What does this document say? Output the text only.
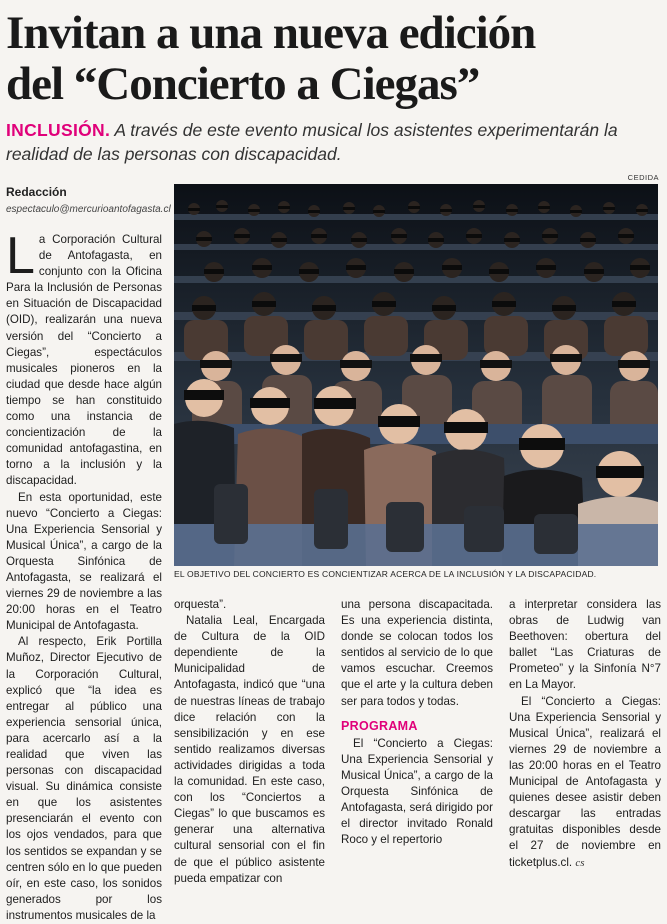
Invitan a una nueva edición
del “Concierto a Ciegas”
INCLUSIÓN. A través de este evento musical los asistentes experimentarán la realidad de las personas con discapacidad.
Redacción
espectaculo@mercurioantofagasta.cl
CEDIDA
EL OBJETIVO DEL CONCIERTO ES CONCIENTIZAR ACERCA DE LA INCLUSIÓN Y LA DISCAPACIDAD.

La Corporación Cultural de Antofagasta, en conjunto con la Oficina Para la Inclusión de Personas en Situación de Discapacidad (OID), realizarán una nueva versión del “Concierto a Ciegas”, espectáculos musicales pioneros en la ciudad que desde hace algún tiempo se han constituido como una instancia de concientización de la comunidad antofagastina, en torno a la inclusión y la discapacidad.

En esta oportunidad, este nuevo “Concierto a Ciegas: Una Experiencia Sensorial y Musical Única”, a cargo de la Orquesta Sinfónica de Antofagasta, se realizará el viernes 29 de noviembre a las 20:00 horas en el Teatro Municipal de Antofagasta.

Al respecto, Erik Portilla Muñoz, Director Ejecutivo de la Corporación Cultural, explicó que “la idea es entregar al público una experiencia sensorial única, para acercarlo así a la realidad que viven las personas con discapacidad visual. Su dinámica consiste en que los asistentes presenciarán el evento con los ojos vendados, para que los sentidos se expandan y se centren sólo en lo que pueden oír, en este caso, los sonidos generados por los instrumentos musicales de la

orquesta”.

Natalia Leal, Encargada de Cultura de la OID dependiente de la Municipalidad de Antofagasta, indicó que “una de nuestras líneas de trabajo dice relación con la sensibilización y en ese sentido realizamos diversas actividades dirigidas a toda la comunidad. En este caso, con los “Conciertos a Ciegas” lo que buscamos es generar una alternativa cultural sensorial con el fin de que el público asistente pueda empatizar con

una persona discapacitada. Es una experiencia distinta, donde se colocan todos los sentidos al servicio de lo que vamos escuchar. Creemos que el arte y la cultura deben ser para todos y todas.

PROGRAMA

El “Concierto a Ciegas: Una Experiencia Sensorial y Musical Única”, a cargo de la Orquesta Sinfónica de Antofagasta, será dirigido por el director invitado Ronald Roco y el repertorio

a interpretar considera las obras de Ludwig van Beethoven: obertura del ballet “Las Criaturas de Prometeo” y la Sinfonía N°7 en La Mayor.

El “Concierto a Ciegas: Una Experiencia Sensorial y Musical Única”, realizará el viernes 29 de noviembre a las 20:00 horas en el Teatro Municipal de Antofagasta y quienes desee asistir deben descargar las entradas gratuitas disponibles desde el 27 de noviembre en ticketplus.cl. cs
